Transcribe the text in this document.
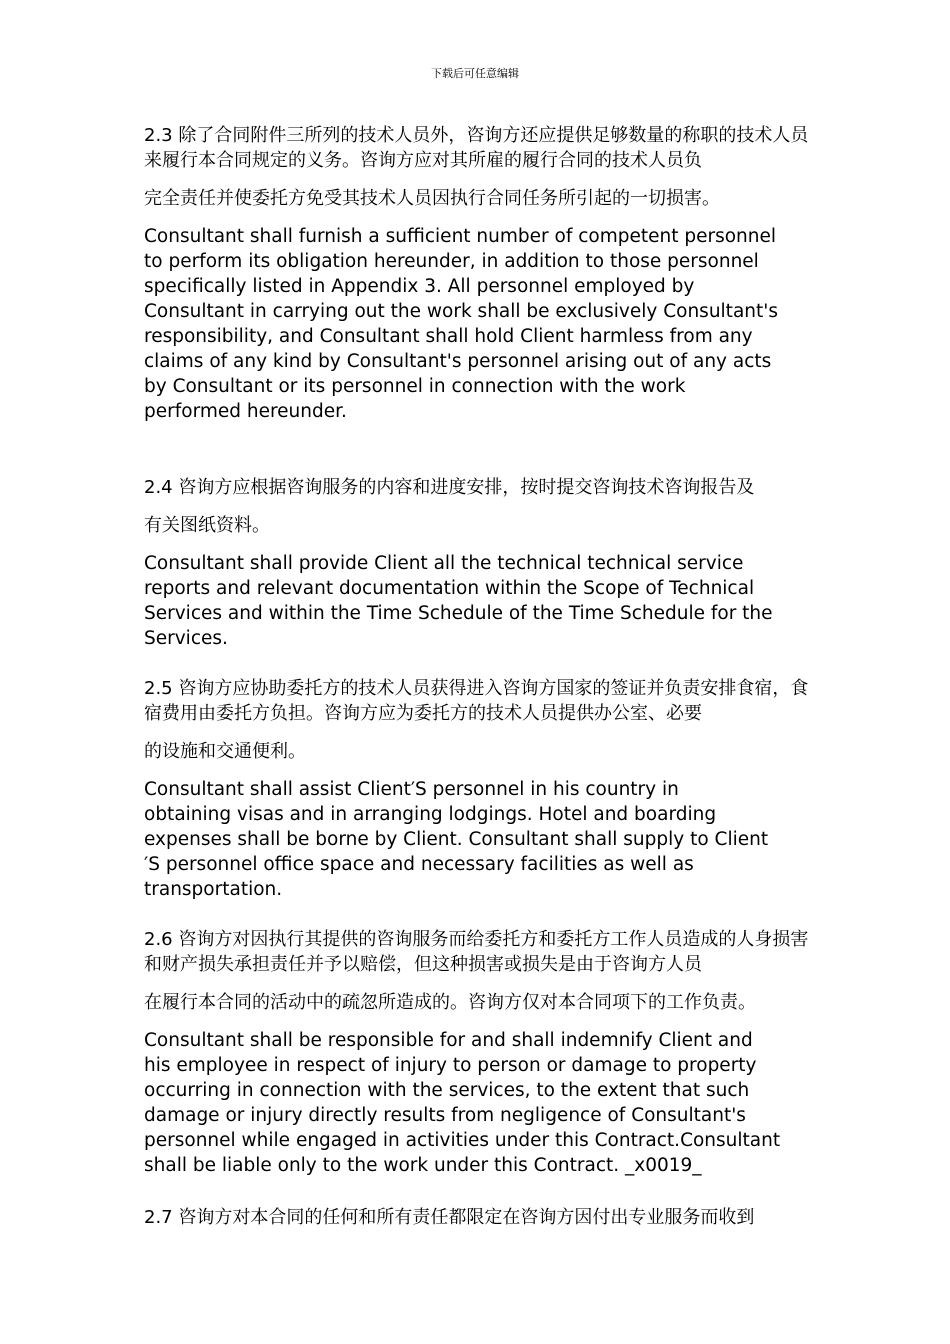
下载后可任意编辑

2.3 除了合同附件三所列的技术人员外，咨询方还应提供足够数量的称职的技术人员来履行本合同规定的义务。咨询方应对其所雇的履行合同的技术人员负

完全责任并使委托方免受其技术人员因执行合同任务所引起的一切损害。

Consultant shall furnish a sufficient number of competent personnel
to perform its obligation hereunder, in addition to those personnel
specifically listed in Appendix 3. All personnel employed by
Consultant in carrying out the work shall be exclusively Consultant's
responsibility, and Consultant shall hold Client harmless from any
claims of any kind by Consultant's personnel arising out of any acts
by Consultant or its personnel in connection with the work
performed hereunder.

2.4 咨询方应根据咨询服务的内容和进度安排，按时提交咨询技术咨询报告及

有关图纸资料。

Consultant shall provide Client all the technical technical service
reports and relevant documentation within the Scope of Technical
Services and within the Time Schedule of the Time Schedule for the
Services.

2.5 咨询方应协助委托方的技术人员获得进入咨询方国家的签证并负责安排食宿，食宿费用由委托方负担。咨询方应为委托方的技术人员提供办公室、必要

的设施和交通便利。

Consultant shall assist Client′S personnel in his country in
obtaining visas and in arranging lodgings. Hotel and boarding
expenses shall be borne by Client. Consultant shall supply to Client
′S personnel office space and necessary facilities as well as
transportation.

2.6 咨询方对因执行其提供的咨询服务而给委托方和委托方工作人员造成的人身损害和财产损失承担责任并予以赔偿，但这种损害或损失是由于咨询方人员

在履行本合同的活动中的疏忽所造成的。咨询方仅对本合同项下的工作负责。

Consultant shall be responsible for and shall indemnify Client and
his employee in respect of injury to person or damage to property
occurring in connection with the services, to the extent that such
damage or injury directly results from negligence of Consultant's
personnel while engaged in activities under this Contract.Consultant
shall be liable only to the work under this Contract. _x0019_

2.7 咨询方对本合同的任何和所有责任都限定在咨询方因付出专业服务而收到
